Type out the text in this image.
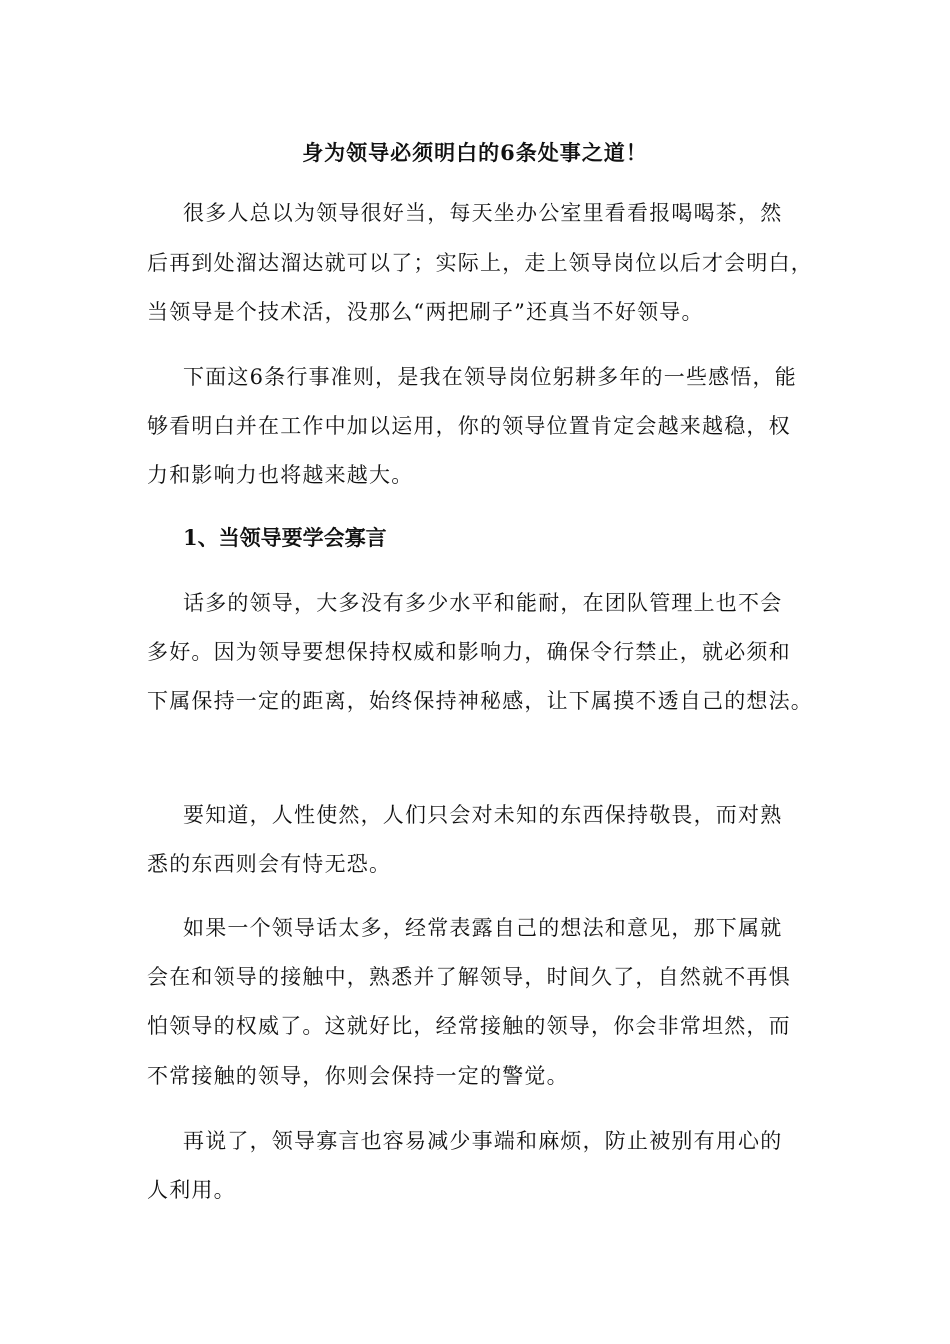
身为领导必须明白的6条处事之道！

很多人总以为领导很好当，每天坐办公室里看看报喝喝茶，然

后再到处溜达溜达就可以了；实际上，走上领导岗位以后才会明白，

当领导是个技术活，没那么“两把刷子”还真当不好领导。

下面这6条行事准则，是我在领导岗位躬耕多年的一些感悟，能

够看明白并在工作中加以运用，你的领导位置肯定会越来越稳，权

力和影响力也将越来越大。

1、当领导要学会寡言

话多的领导，大多没有多少水平和能耐，在团队管理上也不会

多好。因为领导要想保持权威和影响力，确保令行禁止，就必须和

下属保持一定的距离，始终保持神秘感，让下属摸不透自己的想法。

要知道，人性使然，人们只会对未知的东西保持敬畏，而对熟

悉的东西则会有恃无恐。

如果一个领导话太多，经常表露自己的想法和意见，那下属就

会在和领导的接触中，熟悉并了解领导，时间久了，自然就不再惧

怕领导的权威了。这就好比，经常接触的领导，你会非常坦然，而

不常接触的领导，你则会保持一定的警觉。

再说了，领导寡言也容易减少事端和麻烦，防止被别有用心的

人利用。
